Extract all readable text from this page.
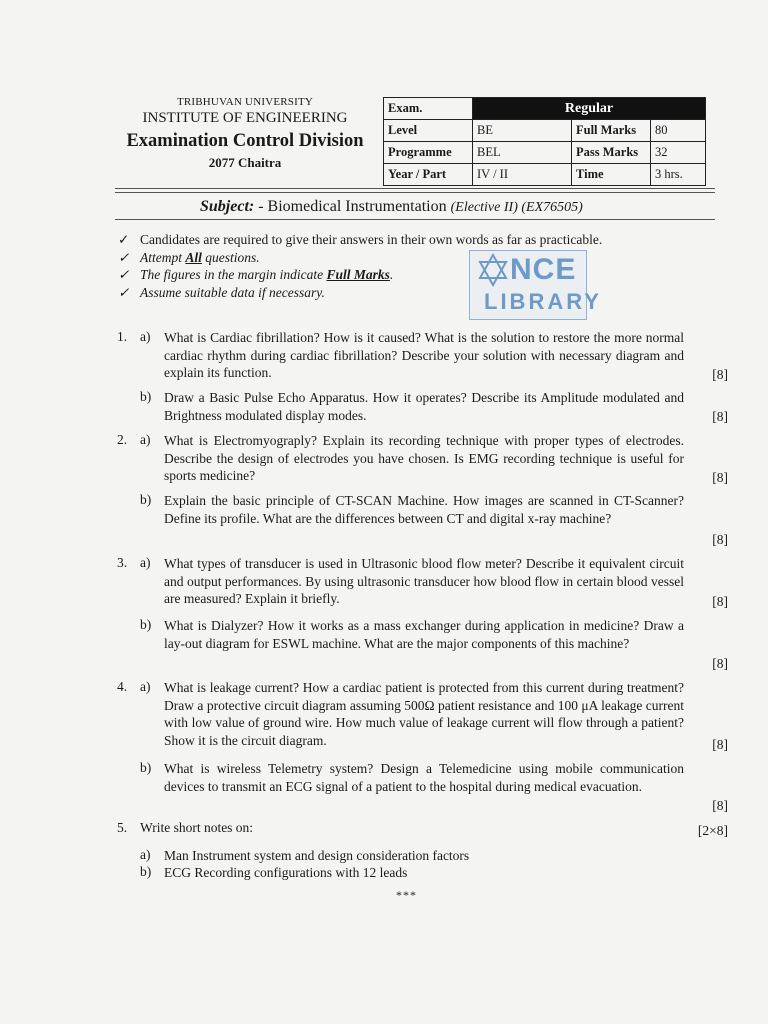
TRIBHUVAN UNIVERSITY
INSTITUTE OF ENGINEERING
Examination Control Division
2077 Chaitra
Exam.	Regular		
Level	BE	Full Marks	80
Programme	BEL	Pass Marks	32
Year / Part	IV / II	Time	3 hrs.
Subject: - Biomedical Instrumentation (Elective II) (EX76505)
✓ Candidates are required to give their answers in their own words as far as practicable.
✓ Attempt All questions.
✓ The figures in the margin indicate Full Marks.
✓ Assume suitable data if necessary.
NCE
LIBRARY
1. a) What is Cardiac fibrillation? How is it caused? What is the solution to restore the more normal cardiac rhythm during cardiac fibrillation? Describe your solution with necessary diagram and explain its function.	[8]
b) Draw a Basic Pulse Echo Apparatus. How it operates? Describe its Amplitude modulated and Brightness modulated display modes.	[8]
2. a) What is Electromyograply? Explain its recording technique with proper types of electrodes. Describe the design of electrodes you have chosen. Is EMG recording technique is useful for sports medicine?	[8]
b) Explain the basic principle of CT-SCAN Machine. How images are scanned in CT-Scanner? Define its profile. What are the differences between CT and digital x-ray machine?
[8]
3. a) What types of transducer is used in Ultrasonic blood flow meter? Describe it equivalent circuit and output performances. By using ultrasonic transducer how blood flow in certain blood vessel are measured? Explain it briefly.	[8]
b) What is Dialyzer? How it works as a mass exchanger during application in medicine? Draw a lay-out diagram for ESWL machine. What are the major components of this machine?
[8]
4. a) What is leakage current? How a cardiac patient is protected from this current during treatment? Draw a protective circuit diagram assuming 500Ω patient resistance and 100 μA leakage current with low value of ground wire. How much value of leakage current will flow through a patient? Show it is the circuit diagram.	[8]
b) What is wireless Telemetry system? Design a Telemedicine using mobile communication devices to transmit an ECG signal of a patient to the hospital during medical evacuation.
[8]
5. Write short notes on:	[2×8]
a) Man Instrument system and design consideration factors
b) ECG Recording configurations with 12 leads
***
